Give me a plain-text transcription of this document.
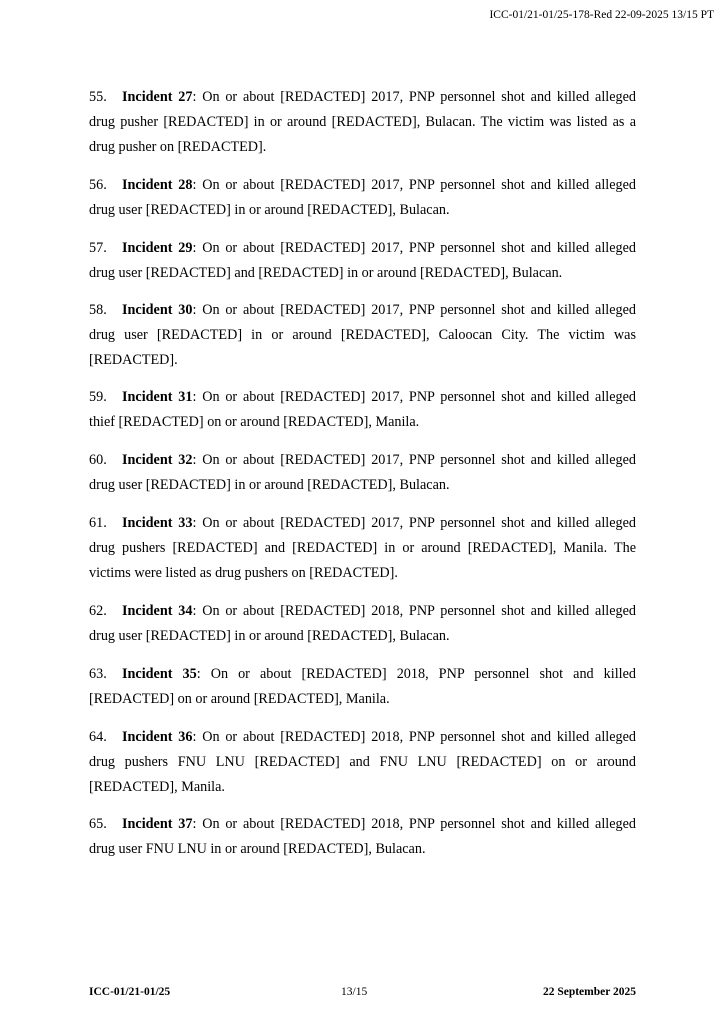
ICC-01/21-01/25-178-Red 22-09-2025 13/15 PT

55. Incident 27: On or about [REDACTED] 2017, PNP personnel shot and killed alleged drug pusher [REDACTED] in or around [REDACTED], Bulacan. The victim was listed as a drug pusher on [REDACTED].

56. Incident 28: On or about [REDACTED] 2017, PNP personnel shot and killed alleged drug user [REDACTED] in or around [REDACTED], Bulacan.

57. Incident 29: On or about [REDACTED] 2017, PNP personnel shot and killed alleged drug user [REDACTED] and [REDACTED] in or around [REDACTED], Bulacan.

58. Incident 30: On or about [REDACTED] 2017, PNP personnel shot and killed alleged drug user [REDACTED] in or around [REDACTED], Caloocan City. The victim was [REDACTED].

59. Incident 31: On or about [REDACTED] 2017, PNP personnel shot and killed alleged thief [REDACTED] on or around [REDACTED], Manila.

60. Incident 32: On or about [REDACTED] 2017, PNP personnel shot and killed alleged drug user [REDACTED] in or around [REDACTED], Bulacan.

61. Incident 33: On or about [REDACTED] 2017, PNP personnel shot and killed alleged drug pushers [REDACTED] and [REDACTED] in or around [REDACTED], Manila. The victims were listed as drug pushers on [REDACTED].

62. Incident 34: On or about [REDACTED] 2018, PNP personnel shot and killed alleged drug user [REDACTED] in or around [REDACTED], Bulacan.

63. Incident 35: On or about [REDACTED] 2018, PNP personnel shot and killed [REDACTED] on or around [REDACTED], Manila.

64. Incident 36: On or about [REDACTED] 2018, PNP personnel shot and killed alleged drug pushers FNU LNU [REDACTED] and FNU LNU [REDACTED] on or around [REDACTED], Manila.

65. Incident 37: On or about [REDACTED] 2018, PNP personnel shot and killed alleged drug user FNU LNU in or around [REDACTED], Bulacan.

ICC-01/21-01/25	13/15	22 September 2025
